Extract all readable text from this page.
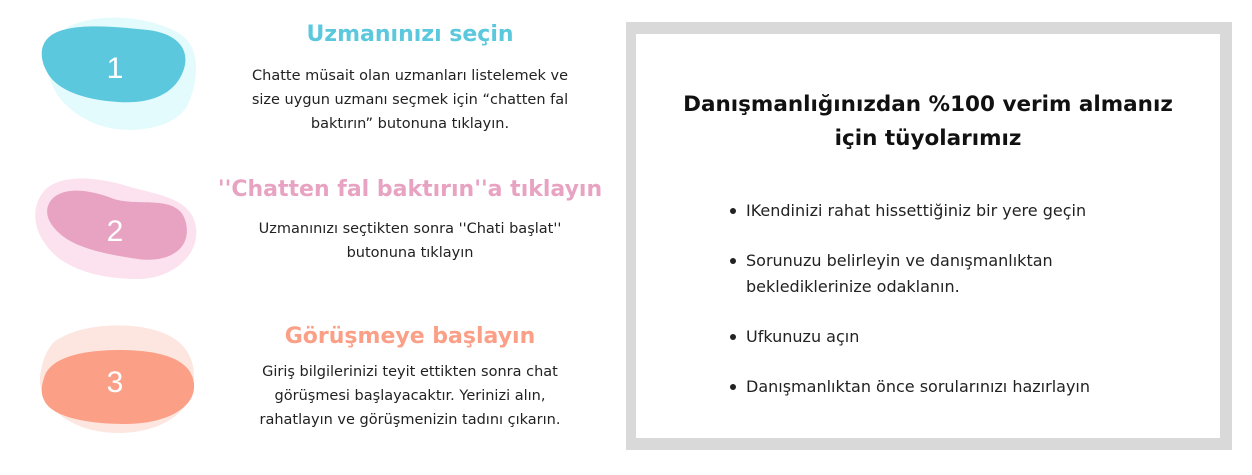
1
Uzmanınızı seçin
Chatte müsait olan uzmanları listelemek ve
size uygun uzmanı seçmek için “chatten fal
baktırın” butonuna tıklayın.
2
''Chatten fal baktırın''a tıklayın
Uzmanınızı seçtikten sonra ''Chati başlat''
butonuna tıklayın
3
Görüşmeye başlayın
Giriş bilgilerinizi teyit ettikten sonra chat
görüşmesi başlayacaktır. Yerinizi alın,
rahatlayın ve görüşmenizin tadını çıkarın.
Danışmanlığınızdan %100 verim almanız
için tüyolarımız
IKendinizi rahat hissettiğiniz bir yere geçin
Sorunuzu belirleyin ve danışmanlıktan
beklediklerinize odaklanın.
Ufkunuzu açın
Danışmanlıktan önce sorularınızı hazırlayın
